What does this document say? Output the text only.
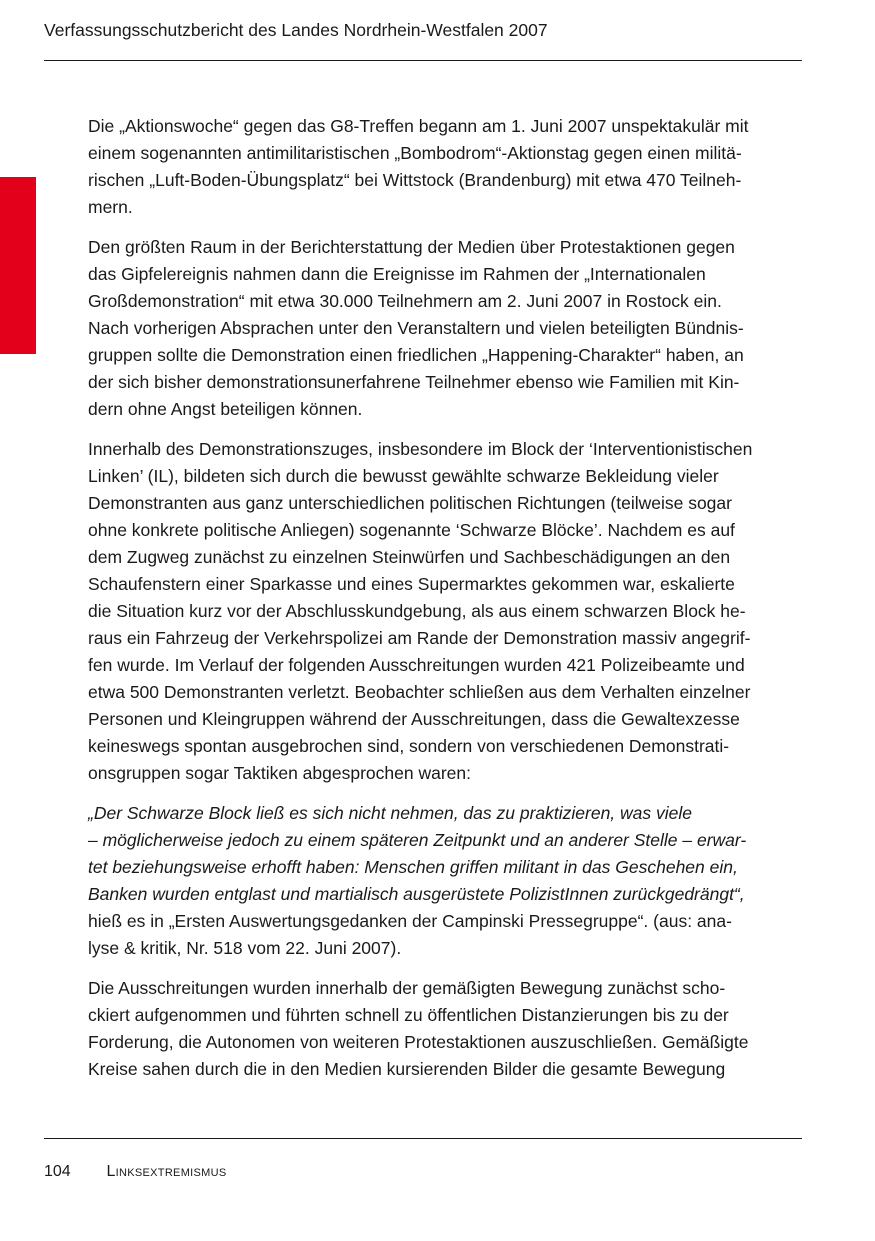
Verfassungsschutzbericht des Landes Nordrhein-Westfalen 2007

Die „Aktionswoche“ gegen das G8-Treffen begann am 1. Juni 2007 unspektakulär mit
einem sogenannten antimilitaristischen „Bombodrom“-Aktionstag gegen einen militä-
rischen „Luft-Boden-Übungsplatz“ bei Wittstock (Brandenburg) mit etwa 470 Teilneh-
mern.

Den größten Raum in der Berichterstattung der Medien über Protestaktionen gegen
das Gipfelereignis nahmen dann die Ereignisse im Rahmen der „Internationalen
Großdemonstration“ mit etwa 30.000 Teilnehmern am 2. Juni 2007 in Rostock ein.
Nach vorherigen Absprachen unter den Veranstaltern und vielen beteiligten Bündnis-
gruppen sollte die Demonstration einen friedlichen „Happening-Charakter“ haben, an
der sich bisher demonstrationsunerfahrene Teilnehmer ebenso wie Familien mit Kin-
dern ohne Angst beteiligen können.

Innerhalb des Demonstrationszuges, insbesondere im Block der ‘Interventionistischen
Linken’ (IL), bildeten sich durch die bewusst gewählte schwarze Bekleidung vieler
Demonstranten aus ganz unterschiedlichen politischen Richtungen (teilweise sogar
ohne konkrete politische Anliegen) sogenannte ‘Schwarze Blöcke’. Nachdem es auf
dem Zugweg zunächst zu einzelnen Steinwürfen und Sachbeschädigungen an den
Schaufenstern einer Sparkasse und eines Supermarktes gekommen war, eskalierte
die Situation kurz vor der Abschlusskundgebung, als aus einem schwarzen Block he-
raus ein Fahrzeug der Verkehrspolizei am Rande der Demonstration massiv angegrif-
fen wurde. Im Verlauf der folgenden Ausschreitungen wurden 421 Polizeibeamte und
etwa 500 Demonstranten verletzt. Beobachter schließen aus dem Verhalten einzelner
Personen und Kleingruppen während der Ausschreitungen, dass die Gewaltexzesse
keineswegs spontan ausgebrochen sind, sondern von verschiedenen Demonstrati-
onsgruppen sogar Taktiken abgesprochen waren:

„Der Schwarze Block ließ es sich nicht nehmen, das zu praktizieren, was viele
– möglicherweise jedoch zu einem späteren Zeitpunkt und an anderer Stelle – erwar-
tet beziehungsweise erhofft haben: Menschen griffen militant in das Geschehen ein,
Banken wurden entglast und martialisch ausgerüstete PolizistInnen zurückgedrängt“,
hieß es in „Ersten Auswertungsgedanken der Campinski Pressegruppe“. (aus: ana-
lyse & kritik, Nr. 518 vom 22. Juni 2007).

Die Ausschreitungen wurden innerhalb der gemäßigten Bewegung zunächst scho-
ckiert aufgenommen und führten schnell zu öffentlichen Distanzierungen bis zu der
Forderung, die Autonomen von weiteren Protestaktionen auszuschließen. Gemäßigte
Kreise sahen durch die in den Medien kursierenden Bilder die gesamte Bewegung

104 Linksextremismus
